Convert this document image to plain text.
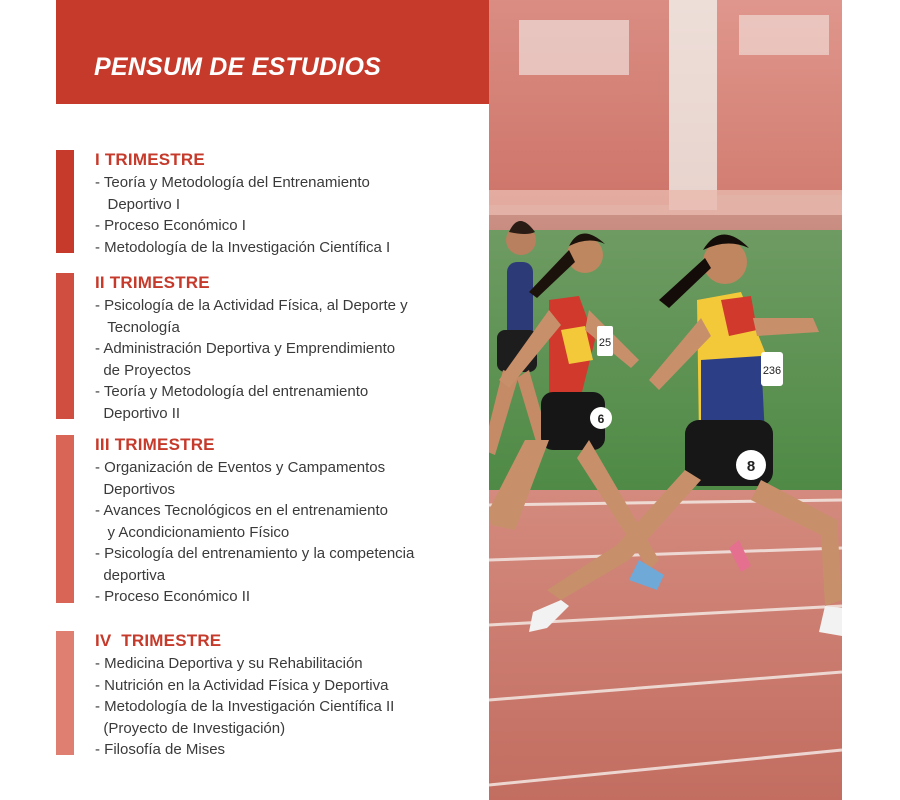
PENSUM DE ESTUDIOS
I TRIMESTRE
- Teoría y Metodología del Entrenamiento
Deportivo I
- Proceso Económico I
- Metodología de la Investigación Científica I
II TRIMESTRE
- Psicología de la Actividad Física, al Deporte y
Tecnología
- Administración Deportiva y Emprendimiento
de Proyectos
- Teoría y Metodología del entrenamiento
Deportivo II
III TRIMESTRE
- Organización de Eventos y Campamentos
Deportivos
- Avances Tecnológicos en el entrenamiento
y Acondicionamiento Físico
- Psicología del entrenamiento y la competencia
deportiva
- Proceso Económico II
IV  TRIMESTRE
- Medicina Deportiva y su Rehabilitación
- Nutrición en la Actividad Física y Deportiva
- Metodología de la Investigación Científica II
(Proyecto de Investigación)
- Filosofía de Mises
25
6
236
8
